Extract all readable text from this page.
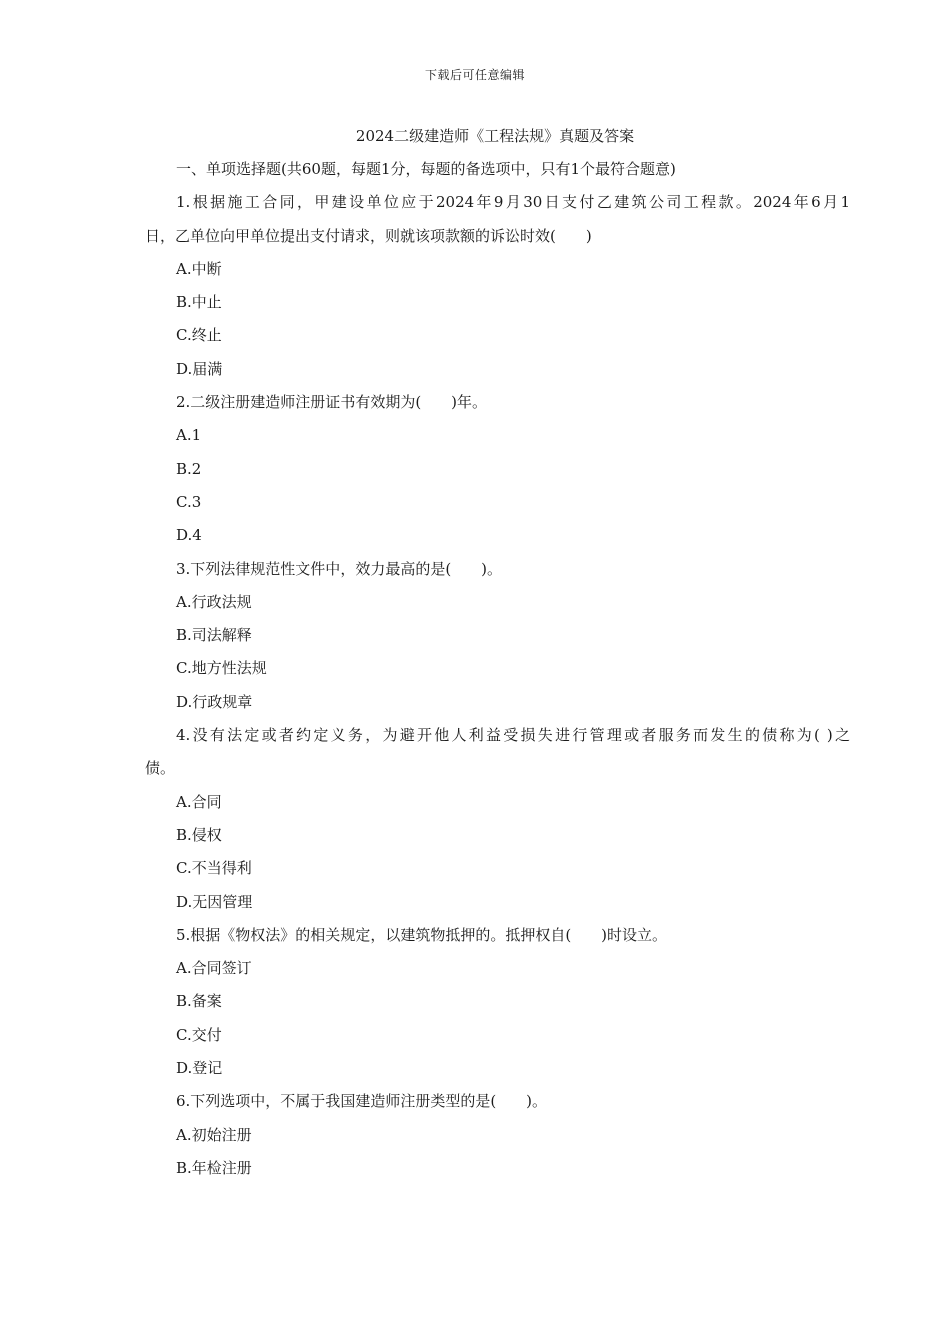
下载后可任意编辑
2024二级建造师《工程法规》真题及答案
一、单项选择题(共60题，每题1分，每题的备选项中，只有1个最符合题意)
1.根据施工合同，甲建设单位应于2024年9月30日支付乙建筑公司工程款。2024年6月1
日，乙单位向甲单位提出支付请求，则就该项款额的诉讼时效(　　)
A.中断
B.中止
C.终止
D.届满
2.二级注册建造师注册证书有效期为(　　)年。
A.1
B.2
C.3
D.4
3.下列法律规范性文件中，效力最高的是(　　)。
A.行政法规
B.司法解释
C.地方性法规
D.行政规章
4.没有法定或者约定义务，为避开他人利益受损失进行管理或者服务而发生的债称为( )之
债。
A.合同
B.侵权
C.不当得利
D.无因管理
5.根据《物权法》的相关规定，以建筑物抵押的。抵押权自(　　)时设立。
A.合同签订
B.备案
C.交付
D.登记
6.下列选项中，不属于我国建造师注册类型的是(　　)。
A.初始注册
B.年检注册
